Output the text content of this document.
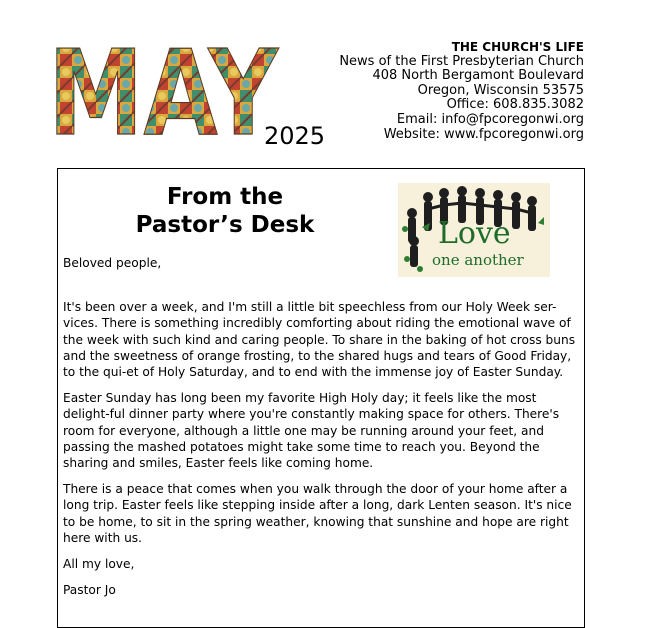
MAY
2025
THE CHURCH'S LIFE
News of the First Presbyterian Church
408 North Bergamont Boulevard
Oregon, Wisconsin 53575
Office: 608.835.3082
Email: info@fpcoregonwi.org
Website: www.fpcoregonwi.org
From the
Pastor’s Desk	Love
one another

Beloved people,

It's been over a week, and I'm still a little bit speechless from our Holy Week ser-vices. There is something incredibly comforting about riding the emotional wave of the week with such kind and caring people. To share in the baking of hot cross buns and the sweetness of orange frosting, to the shared hugs and tears of Good Friday, to the qui-et of Holy Saturday, and to end with the immense joy of Easter Sunday.

Easter Sunday has long been my favorite High Holy day; it feels like the most delight-ful dinner party where you're constantly making space for others. There's room for everyone, although a little one may be running around your feet, and passing the mashed potatoes might take some time to reach you. Beyond the sharing and smiles, Easter feels like coming home.

There is a peace that comes when you walk through the door of your home after a long trip. Easter feels like stepping inside after a long, dark Lenten season. It's nice to be home, to sit in the spring weather, knowing that sunshine and hope are right here with us.

All my love,

Pastor Jo
